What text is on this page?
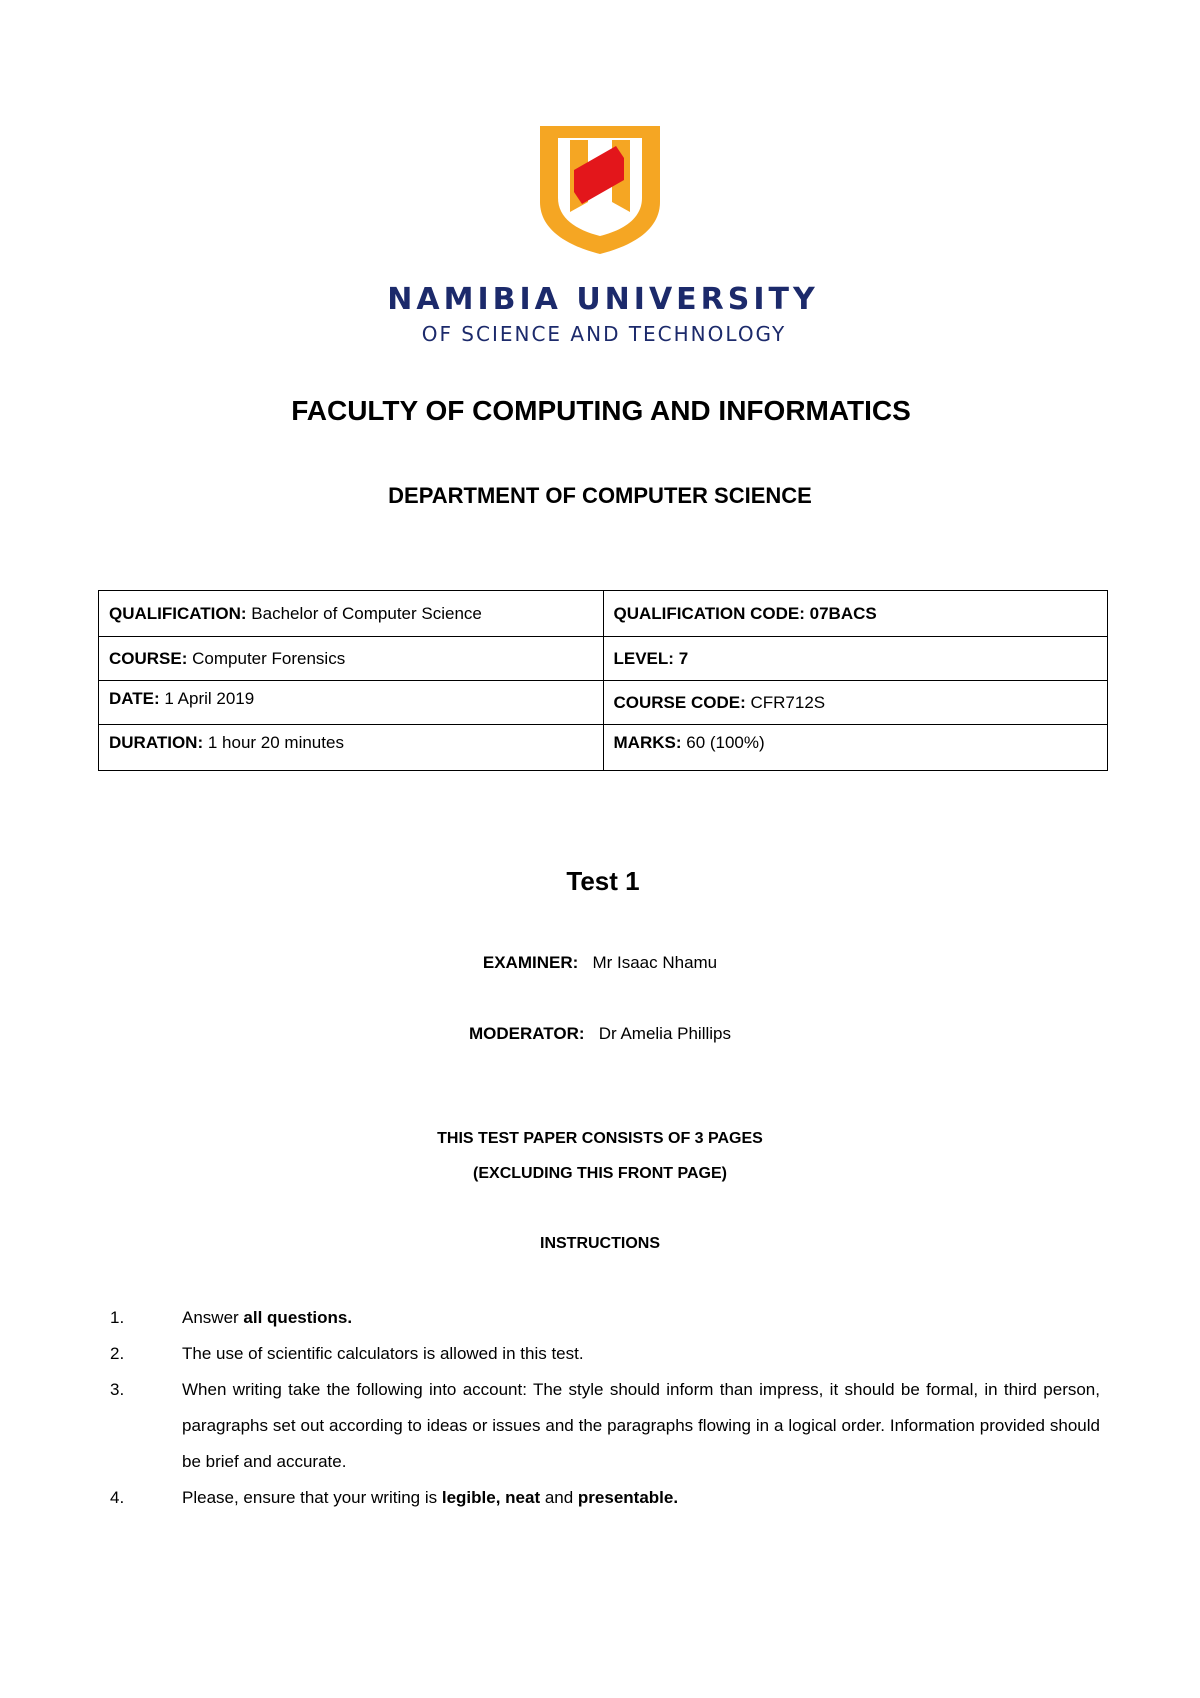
NAMIBIA UNIVERSITY
OF SCIENCE AND TECHNOLOGY
FACULTY OF COMPUTING AND INFORMATICS
DEPARTMENT OF COMPUTER SCIENCE
QUALIFICATION: Bachelor of Computer Science	QUALIFICATION CODE: 07BACS
COURSE: Computer Forensics	LEVEL: 7
DATE: 1 April 2019	COURSE CODE: CFR712S
DURATION: 1 hour 20 minutes	MARKS: 60 (100%)
Test 1
EXAMINER: Mr Isaac Nhamu
MODERATOR: Dr Amelia Phillips
THIS TEST PAPER CONSISTS OF 3 PAGES
(EXCLUDING THIS FRONT PAGE)
INSTRUCTIONS
1.	Answer all questions.
2.	The use of scientific calculators is allowed in this test.
3.	When writing take the following into account: The style should inform than impress, it should be formal, in third person, paragraphs set out according to ideas or issues and the paragraphs flowing in a logical order. Information provided should be brief and accurate.
4.	Please, ensure that your writing is legible, neat and presentable.
